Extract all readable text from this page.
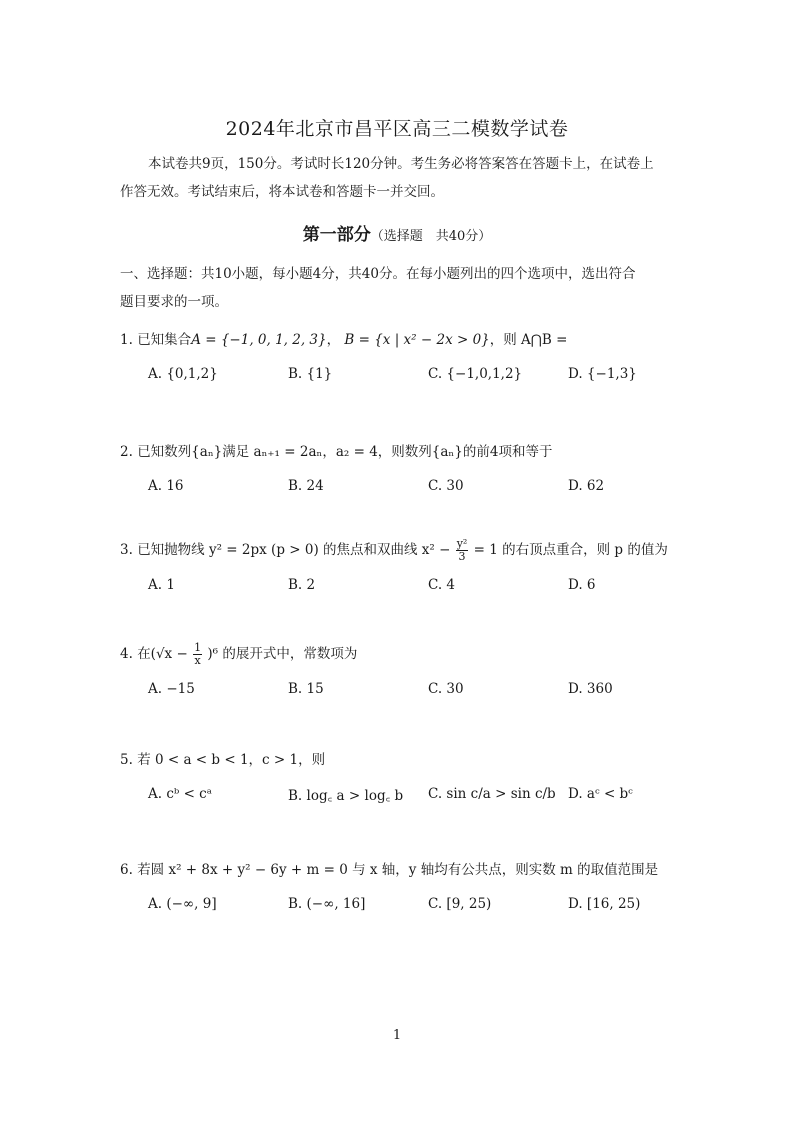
2024年北京市昌平区高三二模数学试卷
本试卷共9页，150分。考试时长120分钟。考生务必将答案答在答题卡上，在试卷上
作答无效。考试结束后，将本试卷和答题卡一并交回。
第一部分（选择题　共40分）
一、选择题：共10小题，每小题4分，共40分。在每小题列出的四个选项中，选出符合
题目要求的一项。
1. 已知集合A = {−1, 0, 1, 2, 3}， B = {x | x² − 2x > 0}，则 A⋂B =
A. {0,1,2}	B. {1}	C. {−1,0,1,2}	D. {−1,3}
2. 已知数列{aₙ}满足 aₙ₊₁ = 2aₙ，a₂ = 4，则数列{aₙ}的前4项和等于
A. 16	B. 24	C. 30	D. 62
3. 已知抛物线 y² = 2px (p > 0) 的焦点和双曲线 $x^2 - \frac{\text{y²}}{3} = 1$ 的右顶点重合，则 p 的值为
A. 1	B. 2	C. 4	D. 6
4. 在$(√x - \frac{1}{x} )^6$ 的展开式中，常数项为
A. −15	B. 15	C. 30	D. 360
5. 若 0 < a < b < 1，c > 1，则
A. cᵇ < cᵃ	B. log꜀ a > log꜀ b C. sin c/a > sin c/b D. aᶜ < bᶜ
6. 若圆 x² + 8x + y² − 6y + m = 0 与 x 轴，y 轴均有公共点，则实数 m 的取值范围是
A. (−∞, 9]	B. (−∞, 16]	C. [9, 25)	D. [16, 25)
1
